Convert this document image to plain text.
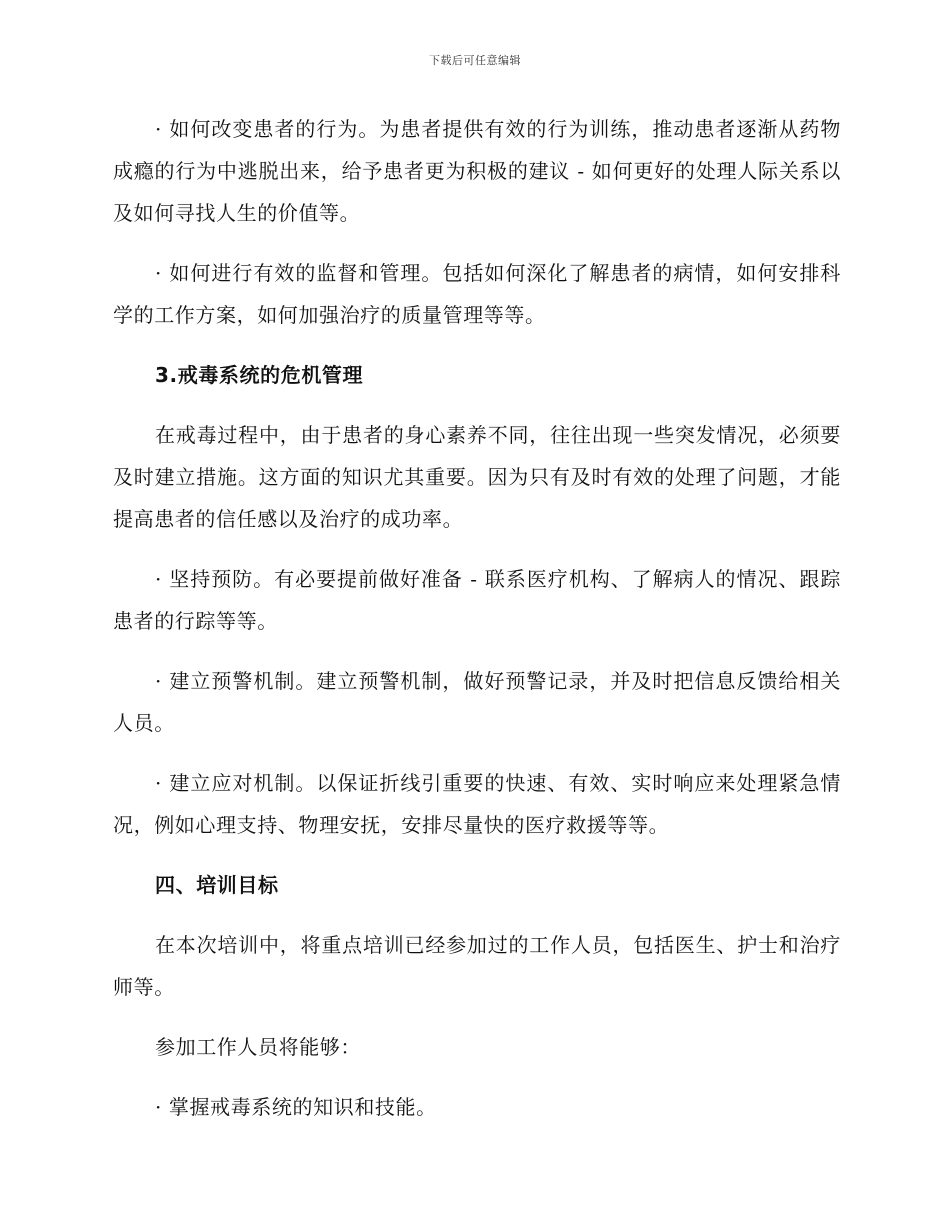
下载后可任意编辑

· 如何改变患者的行为。为患者提供有效的行为训练，推动患者逐渐从药物成瘾的行为中逃脱出来，给予患者更为积极的建议 - 如何更好的处理人际关系以及如何寻找人生的价值等。

· 如何进行有效的监督和管理。包括如何深化了解患者的病情，如何安排科学的工作方案，如何加强治疗的质量管理等等。

3.戒毒系统的危机管理

在戒毒过程中，由于患者的身心素养不同，往往出现一些突发情况，必须要及时建立措施。这方面的知识尤其重要。因为只有及时有效的处理了问题，才能提高患者的信任感以及治疗的成功率。

· 坚持预防。有必要提前做好准备 - 联系医疗机构、了解病人的情况、跟踪患者的行踪等等。

· 建立预警机制。建立预警机制，做好预警记录，并及时把信息反馈给相关人员。

· 建立应对机制。以保证折线引重要的快速、有效、实时响应来处理紧急情况，例如心理支持、物理安抚，安排尽量快的医疗救援等等。

四、培训目标

在本次培训中，将重点培训已经参加过的工作人员，包括医生、护士和治疗师等。

参加工作人员将能够：

· 掌握戒毒系统的知识和技能。
